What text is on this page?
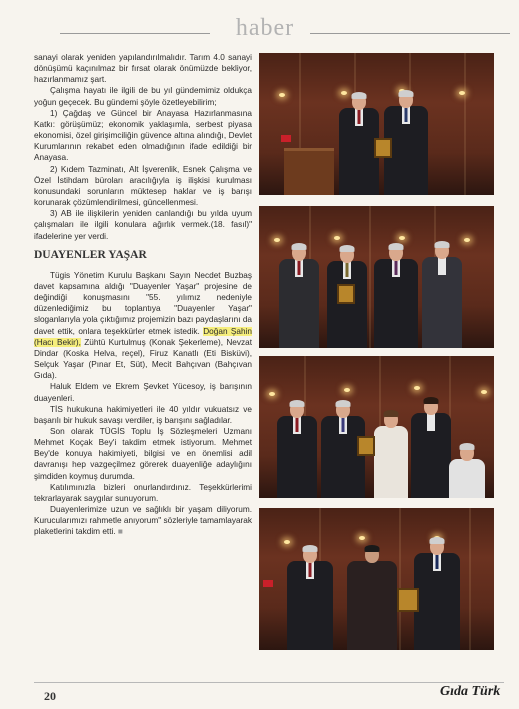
haber

sanayi olarak yeniden yapılandırılmalıdır. Tarım 4.0 sanayi dönüşümü kaçınılmaz bir fırsat olarak önümüzde bekliyor, hazırlanmamız şart.

Çalışma hayatı ile ilgili de bu yıl gündemimiz oldukça yoğun geçecek. Bu gündemi şöyle özetleyebilirim;

1) Çağdaş ve Güncel bir Anayasa Hazırlanmasına Katkı: görüşümüz; ekonomik yaklaşımla, serbest piyasa ekonomisi, özel girişimciliğin güvence altına alındığı, Devlet Kurumlarının rekabet eden olmadığının ifade edildiği bir Anayasa.

2) Kıdem Tazminatı, Alt İşverenlik, Esnek Çalışma ve Özel İstihdam büroları aracılığıyla iş ilişkisi kurulması konusundaki sorunların müktesep haklar ve iş barışı korunarak çözümlendirilmesi, güncellenmesi.

3) AB ile ilişkilerin yeniden canlandığı bu yılda uyum çalışmaları ile ilgili konulara ağırlık vermek.(18. fasıl)" ifadelerine yer verdi.

DUAYENLER YAŞAR

Tügis Yönetim Kurulu Başkanı Sayın Necdet Buzbaş davet kapsamına aldığı "Duayenler Yaşar" projesine de değindiği konuşmasını "55. yılımız nedeniyle düzenlediğimiz bu toplantıya "Duayenler Yaşar" sloganlarıyla yola çıktığımız projemizin bazı paydaşlarını da davet ettik, onlara teşekkürler etmek istedik. Doğan Şahin (Hacı Bekir), Zühtü Kurtulmuş (Konak Şekerleme), Nevzat Dindar (Koska Helva, reçel), Firuz Kanatlı (Eti Bisküvi), Selçuk Yaşar (Pınar Et, Süt), Mecit Bahçıvan (Bahçıvan Gıda).

Haluk Eldem ve Ekrem Şevket Yücesoy, iş barışının duayenleri.

TİS hukukuna hakimiyetleri ile 40 yıldır vukuatsız ve başarılı bir hukuk savaşı verdiler, iş barışını sağladılar.

Son olarak TÜGİS Toplu İş Sözleşmeleri Uzmanı Mehmet Koçak Bey'i takdim etmek istiyorum. Mehmet Bey'de konuya hakimiyeti, bilgisi ve en önemlisi adil davranışı hep vazgeçilmez görerek duayenliğe adaylığını şimdiden koymuş durumda.

Katılımınızla bizleri onurlandırdınız. Teşekkürlerimi tekrarlayarak saygılar sunuyorum.

Duayenlerimize uzun ve sağlıklı bir yaşam diliyorum. Kurucularımızı rahmetle anıyorum" sözleriyle tamamlayarak plaketlerini takdim etti. ■

20	Gıda Türk
